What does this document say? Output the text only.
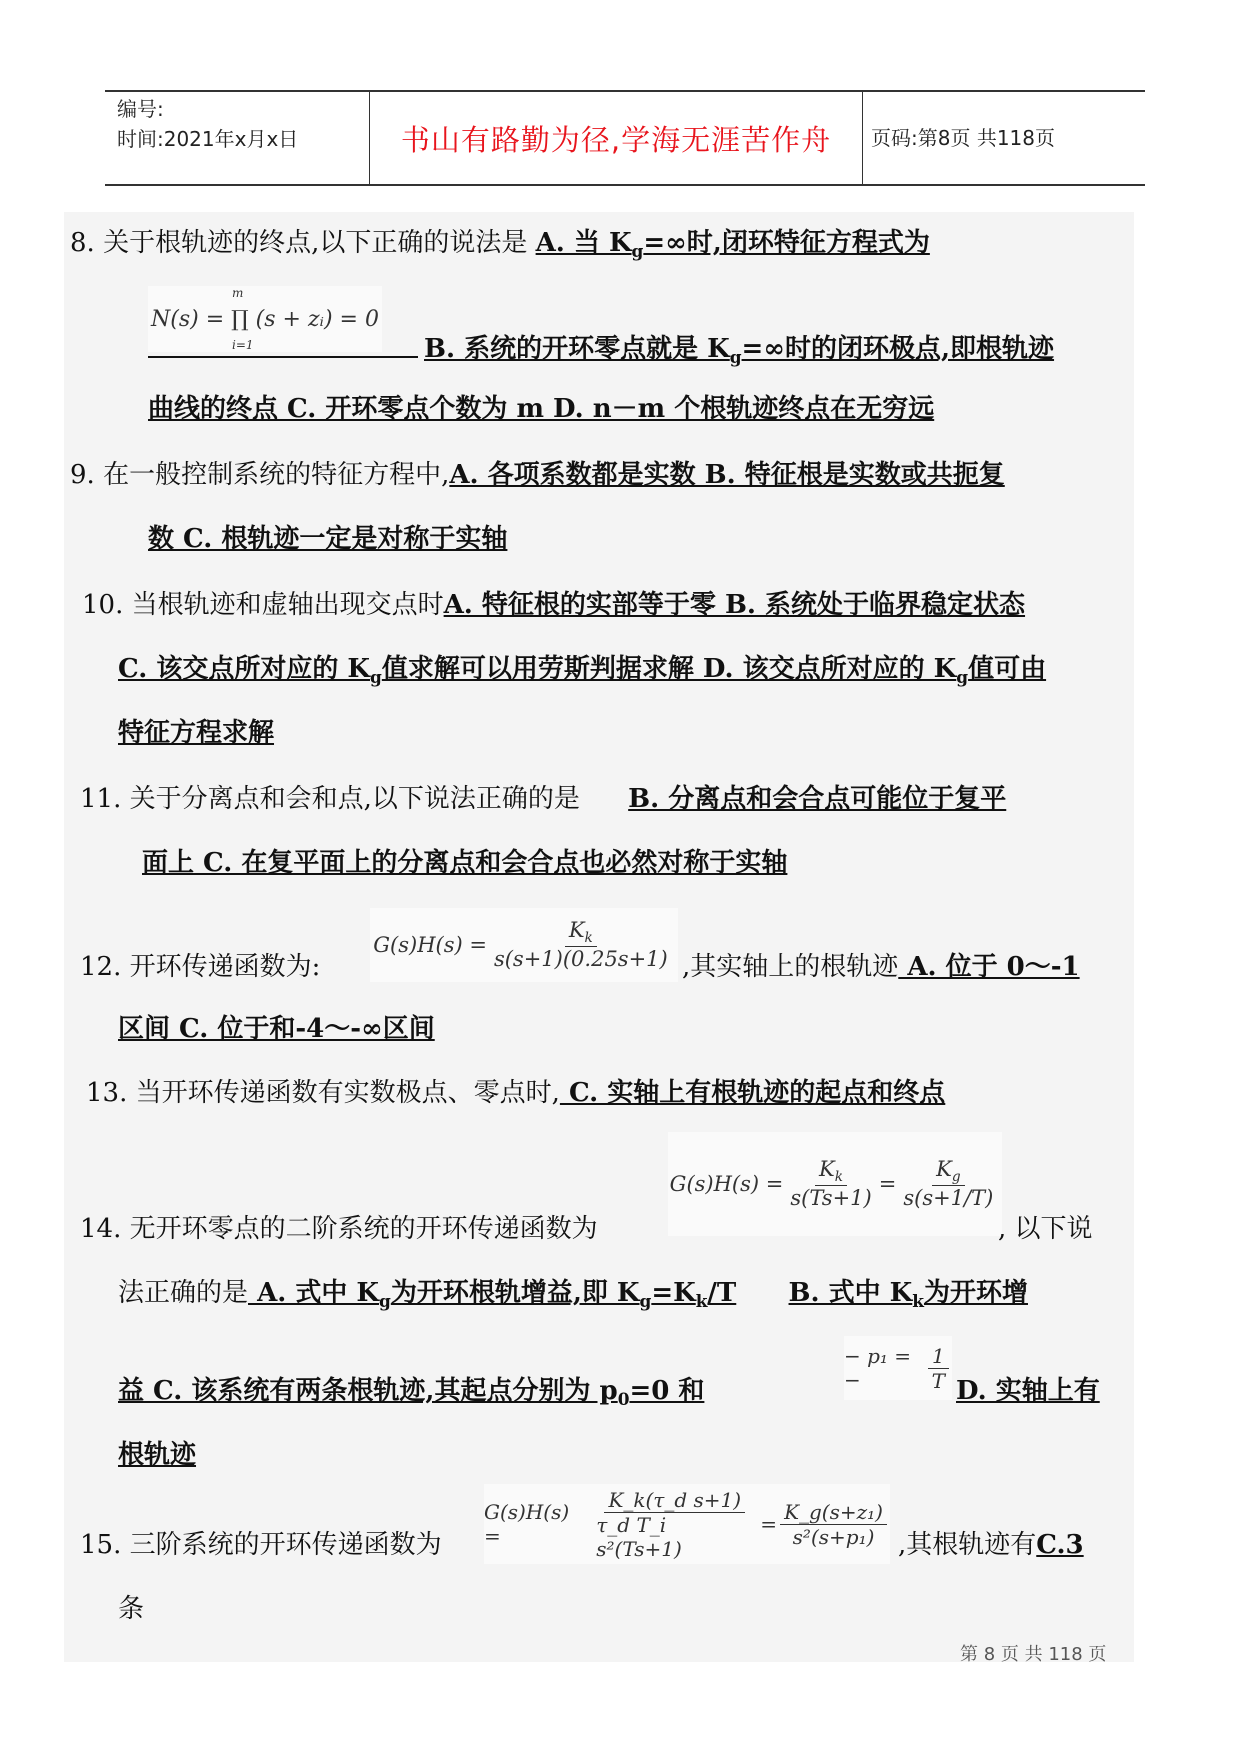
编号:
时间:2021年x月x日	书山有路勤为径,学海无涯苦作舟 页码:第8页 共118页
8. 关于根轨迹的终点,以下正确的说法是 A. 当 $K_g=\infty$时,闭环特征方程式为
m
N(s) = ∏ (s + zᵢ) = 0
i=1	B. 系统的开环零点就是 $K_g=\infty$时的闭环极点,即根轨迹
曲线的终点 C. 开环零点个数为 m D. n－m 个根轨迹终点在无穷远
9. 在一般控制系统的特征方程中,A. 各项系数都是实数 B. 特征根是实数或共扼复
数 C. 根轨迹一定是对称于实轴
10. 当根轨迹和虚轴出现交点时A. 特征根的实部等于零 B. 系统处于临界稳定状态
C. 该交点所对应的 $K_g$值求解可以用劳斯判据求解 D. 该交点所对应的 $K_g$值可由
特征方程求解
11. 关于分离点和会和点,以下说法正确的是 B. 分离点和会合点可能位于复平
面上 C. 在复平面上的分离点和会合点也必然对称于实轴
12. 开环传递函数为:
$G(s)H(s) = \frac{K_k}{s(s+1)(0.25s+1)}$ ,其实轴上的根轨迹 A. 位于 0～-1
区间 C. 位于和-4～-∞区间
13. 当开环传递函数有实数极点、零点时, C. 实轴上有根轨迹的起点和终点
$G(s)H(s) = \frac{K_k}{s(Ts+1)} = \frac{K_g}{s(s+1/T)}$
14. 无开环零点的二阶系统的开环传递函数为	, 以下说
法正确的是 A. 式中 $K_g$为开环根轨增益,即 $K_g=K_k/T$ B. 式中 $K_k$为开环增
益 C. 该系统有两条根轨迹,其起点分别为 $p_0=0$ 和
− p₁ = −	$\frac{1}{T} D$. 实轴上有
根轨迹
G(s)H(s) =	$\frac{\text{K\_k(τ\_d s+1)}}{\text{τ\_d T\_i s²(Ts+1)}} = \frac{\text{K\_g(s+z₁)}}{\text{s²(s+p₁)}}$
15. 三阶系统的开环传递函数为	,其根轨迹有C.3
条
第 8 页 共 118 页
